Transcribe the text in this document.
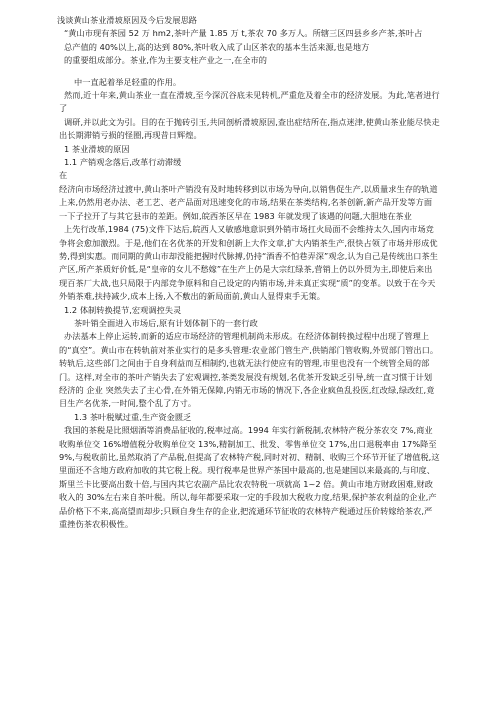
浅谈黄山茶业滑坡原因及今后发展思路

“黄山市现有茶园 52 万 hm2,茶叶产量 1.85 万 t,茶农 70 多万人。所辖三区四县乡乡产茶,茶叶占

总产值的 40%以上,高的达到 80%,茶叶收入成了山区茶农的基本生活来源,也是地方

的重要组成部分。茶业,作为主要支柱产业之一,在全市的

中一直起着举足轻重的作用。

然而,近十年来,黄山茶业一直在滑坡,至今深沉谷底未见转机,严重危及着全市的经济发展。为此,笔者进行了

调研,并以此文为引。目的在于抛砖引玉,共同剖析滑坡原因,查出症结所在,指点迷津,使黄山茶业能尽快走出长期滞销亏损的怪圈,再现昔日辉煌。

1 茶业滑坡的原因

1.1 产销观念落后,改革行动滞缓

在

经济向市场经济过渡中,黄山茶叶产销没有及时地转移到以市场为导向,以销售促生产,以质量求生存的轨道上来,仍然用老办法、老工艺、老产品面对迅速变化的市场,结果在茶类结构,名茶创新,新产品开发等方面一下子拉开了与其它县市的差距。例如,皖西茶区早在 1983 年就发现了该遇的问题,大胆地在茶业

上先行改革,1984 (75)文件下达后,皖西人又敏感地意识到外销市场扛火局面不会维持太久,国内市场竞争将会愈加激烈。于是,他们在名优茶的开发和创新上大作文章,扩大内销茶生产,很快占领了市场并形成优势,得到实惠。而同期的黄山市却没能把握时代脉搏,仍持“酒香不怕巷弄深”观念,认为自己是传统出口茶生产区,所产茶质好价低,是“皇帝的女儿不愁嫁”在生产上仍是大宗红绿茶,营销上仍以外贸为主,即使后来出现百茶厂大战,也只局限于内部竞争原料和自己设定的内销市场,并未真正实现“质”的变革。以致于在今天外销茶难,扶持减少,成本上扬,入不敷出的新局面前,黄山人显得束手无策。

1.2 体制转换提节,宏观调控失灵

茶叶销全面进入市场后,原有计划体制下的一套行政

办法基本上停止运转,而新的适应市场经济的管理机制尚未形成。在经济体制转换过程中出现了管理上的“真空”。黄山市在转轨前对茶业实行的是多头管理:农业部门管生产,供销部门管收购,外贸部门管出口。转轨后,这些部门之间由于自身利益而互相制约,也就无法行使应有的管理,市里也没有一个统管全局的部门。这样,对全市的茶叶产销失去了宏观调控,茶类发展没有规划,名优茶开发缺乏引导,统一直习惯于计划经济的 企业 突然失去了主心骨,在外销无保障,内销无市场的情况下,各企业疯鱼乱投医,红改绿,绿改红,竟目生产名优茶,一时间,整个乱了方寸。

1.3 茶叶税赋过重,生产资金匮乏

我国的茶税是比照烟酒等消费品征收的,税率过高。1994 年实行新税制,农林特产税分茶农交 7%,商业收购单位交 16%增值税分收购单位交 13%,精制加工、批发、零售单位交 17%,出口退税率由 17%降至 9%,与税收前比,虽然取消了产品税,但提高了农林特产税,同时对初、精制、收购三个环节开征了增值税,这里面还不含地方政府加收的其它税上税。现行税率是世界产茶国中最高的,也是建国以来最高的,与印度、斯里兰卡比要高出数十倍,与国内其它农副产品比农农特税一项就高 1~2 倍。黄山市地方财政困难,财政收入的 30%左右来自茶叶税。所以,每年都要采取一定的手段加大税收力度,结果,保护茶农利益的企业,产品价格下不来,高高望而却步;只顾自身生存的企业,把流通环节征收的农林特产税通过压价转嫁给茶农,严重挫伤茶农积极性。
